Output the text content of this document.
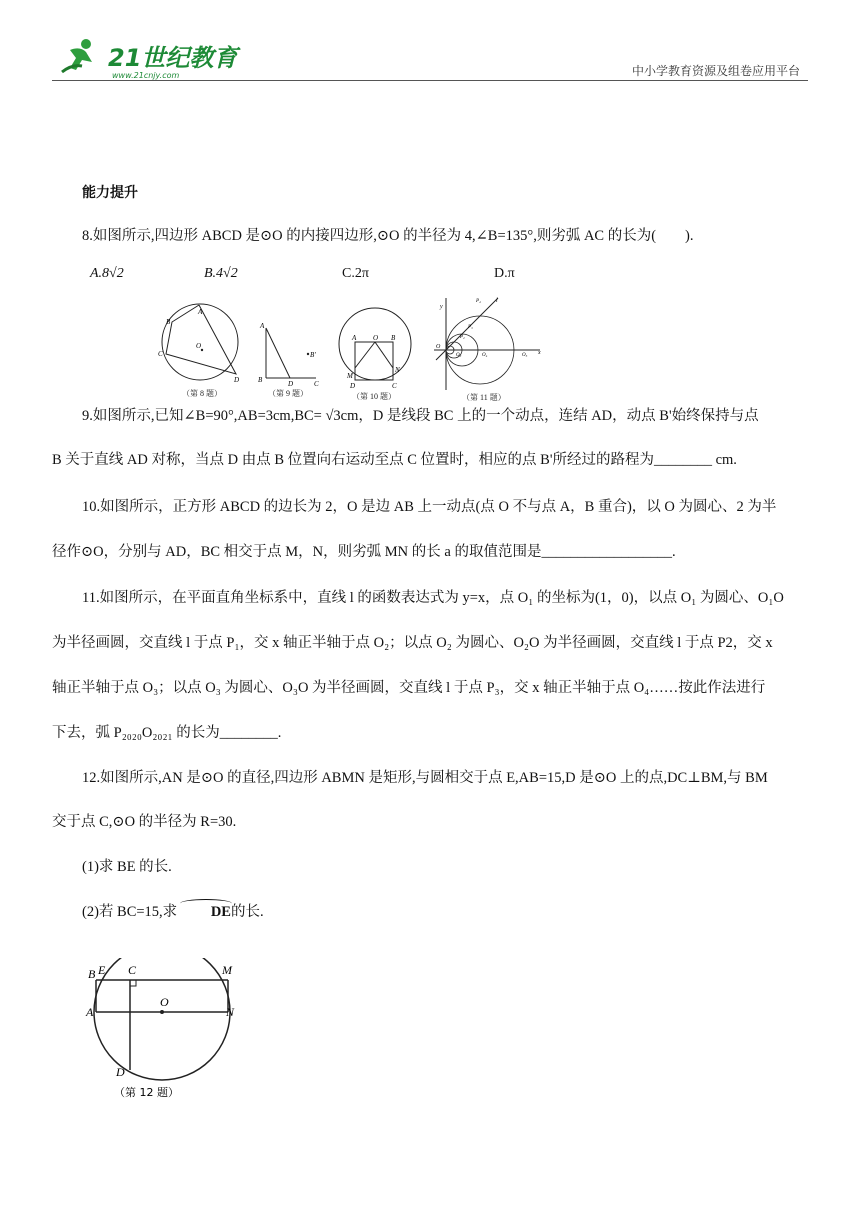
21世纪教育
www.21cnjy.com	中小学教育资源及组卷应用平台
能力提升
8.如图所示,四边形 ABCD 是⊙O 的内接四边形,⊙O 的半径为 4,∠B=135°,则劣弧 AC 的长为(　　).
A.8√2	B.4√2	C.2π	D.π
A
B
C
D
O
（第 8 题）
A
B	D	C
B'
（第 9 题）
A O B
M
N
D	C
（第 10 题）
y
x
l
O
P₄
P₃
P₂
O₃	O₄	O₅
（第 11 题）
9.如图所示,已知∠B=90°,AB=3cm,BC= √3cm，D 是线段 BC 上的一个动点，连结 AD，动点 B'始终保持与点
B 关于直线 AD 对称，当点 D 由点 B 位置向右运动至点 C 位置时，相应的点 B'所经过的路程为________ cm.
10.如图所示，正方形 ABCD 的边长为 2，O 是边 AB 上一动点(点 O 不与点 A，B 重合)，以 O 为圆心、2 为半
径作⊙O，分别与 AD，BC 相交于点 M，N，则劣弧 MN 的长 a 的取值范围是__________________.
11.如图所示，在平面直角坐标系中，直线 l 的函数表达式为 y=x，点 O₁ 的坐标为(1，0)，以点 O₁ 为圆心、O₁O
为半径画圆，交直线 l 于点 P₁，交 x 轴正半轴于点 O₂；以点 O₂ 为圆心、O₂O 为半径画圆，交直线 l 于点 P2，交 x
轴正半轴于点 O₃；以点 O₃ 为圆心、O₃O 为半径画圆，交直线 l 于点 P₃，交 x 轴正半轴于点 O₄……按此作法进行
下去，弧 P₂₀₂₀O₂₀₂₁ 的长为________.
12.如图所示,AN 是⊙O 的直径,四边形 ABMN 是矩形,与圆相交于点 E,AB=15,D 是⊙O 上的点,DC⊥BM,与 BM
交于点 C,⊙O 的半径为 R=30.
(1)求 BE 的长.
(2)若 BC=15,求 DE的长.
B E C	M
O
A	N
D
（第 12 题）
